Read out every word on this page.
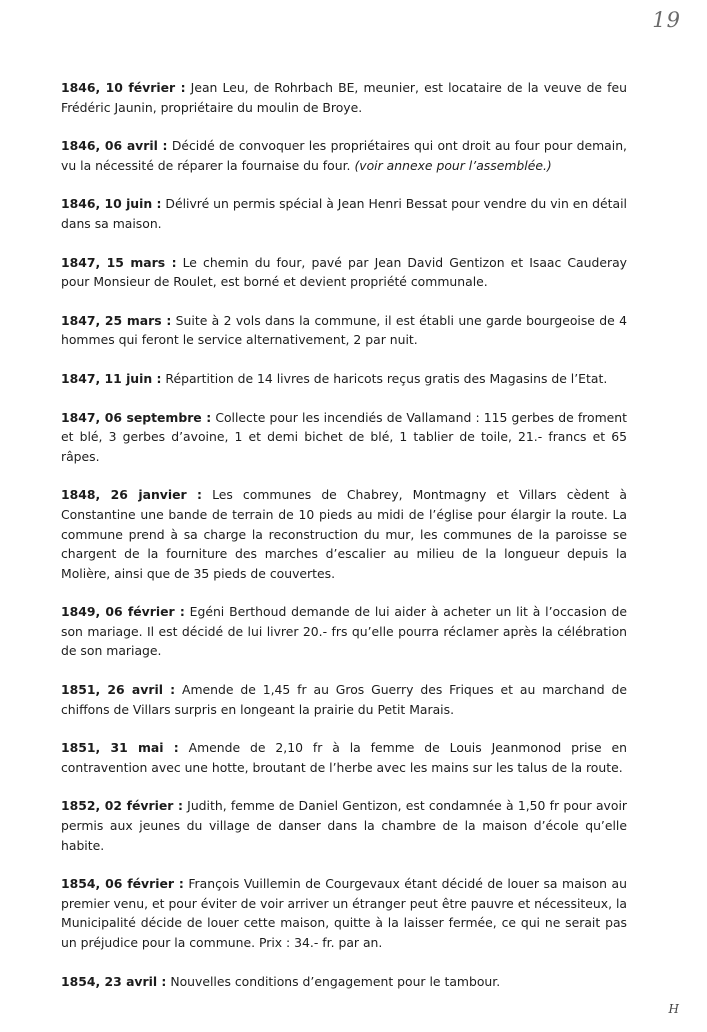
19

1846, 10 février : Jean Leu, de Rohrbach BE, meunier, est locataire de la veuve de feu Frédéric Jaunin, propriétaire du moulin de Broye.

1846, 06 avril : Décidé de convoquer les propriétaires qui ont droit au four pour demain, vu la nécessité de réparer la fournaise du four. (voir annexe pour l’assemblée.)

1846, 10 juin : Délivré un permis spécial à Jean Henri Bessat pour vendre du vin en détail dans sa maison.

1847, 15 mars : Le chemin du four, pavé par Jean David Gentizon et Isaac Cauderay pour Monsieur de Roulet, est borné et devient propriété communale.

1847, 25 mars : Suite à 2 vols dans la commune, il est établi une garde bourgeoise de 4 hommes qui feront le service alternativement, 2 par nuit.

1847, 11 juin : Répartition de 14 livres de haricots reçus gratis des Magasins de l’Etat.

1847, 06 septembre : Collecte pour les incendiés de Vallamand : 115 gerbes de froment et blé, 3 gerbes d’avoine, 1 et demi bichet de blé, 1 tablier de toile, 21.- francs et 65 râpes.

1848, 26 janvier : Les communes de Chabrey, Montmagny et Villars cèdent à Constantine une bande de terrain de 10 pieds au midi de l’église pour élargir la route. La commune prend à sa charge la reconstruction du mur, les communes de la paroisse se chargent de la fourniture des marches d’escalier au milieu de la longueur depuis la Molière, ainsi que de 35 pieds de couvertes.

1849, 06 février : Egéni Berthoud demande de lui aider à acheter un lit à l’occasion de son mariage. Il est décidé de lui livrer 20.- frs qu’elle pourra réclamer après la célébration de son mariage.

1851, 26 avril : Amende de 1,45 fr au Gros Guerry des Friques et au marchand de chiffons de Villars surpris en longeant la prairie du Petit Marais.

1851, 31 mai : Amende de 2,10 fr à la femme de Louis Jeanmonod prise en contravention avec une hotte, broutant de l’herbe avec les mains sur les talus de la route.

1852, 02 février : Judith, femme de Daniel Gentizon, est condamnée à 1,50 fr pour avoir permis aux jeunes du village de danser dans la chambre de la maison d’école qu’elle habite.

1854, 06 février : François Vuillemin de Courgevaux étant décidé de louer sa maison au premier venu, et pour éviter de voir arriver un étranger peut être pauvre et nécessiteux, la Municipalité décide de louer cette maison, quitte à la laisser fermée, ce qui ne serait pas un préjudice pour la commune. Prix : 34.- fr. par an.

1854, 23 avril : Nouvelles conditions d’engagement pour le tambour.

H
